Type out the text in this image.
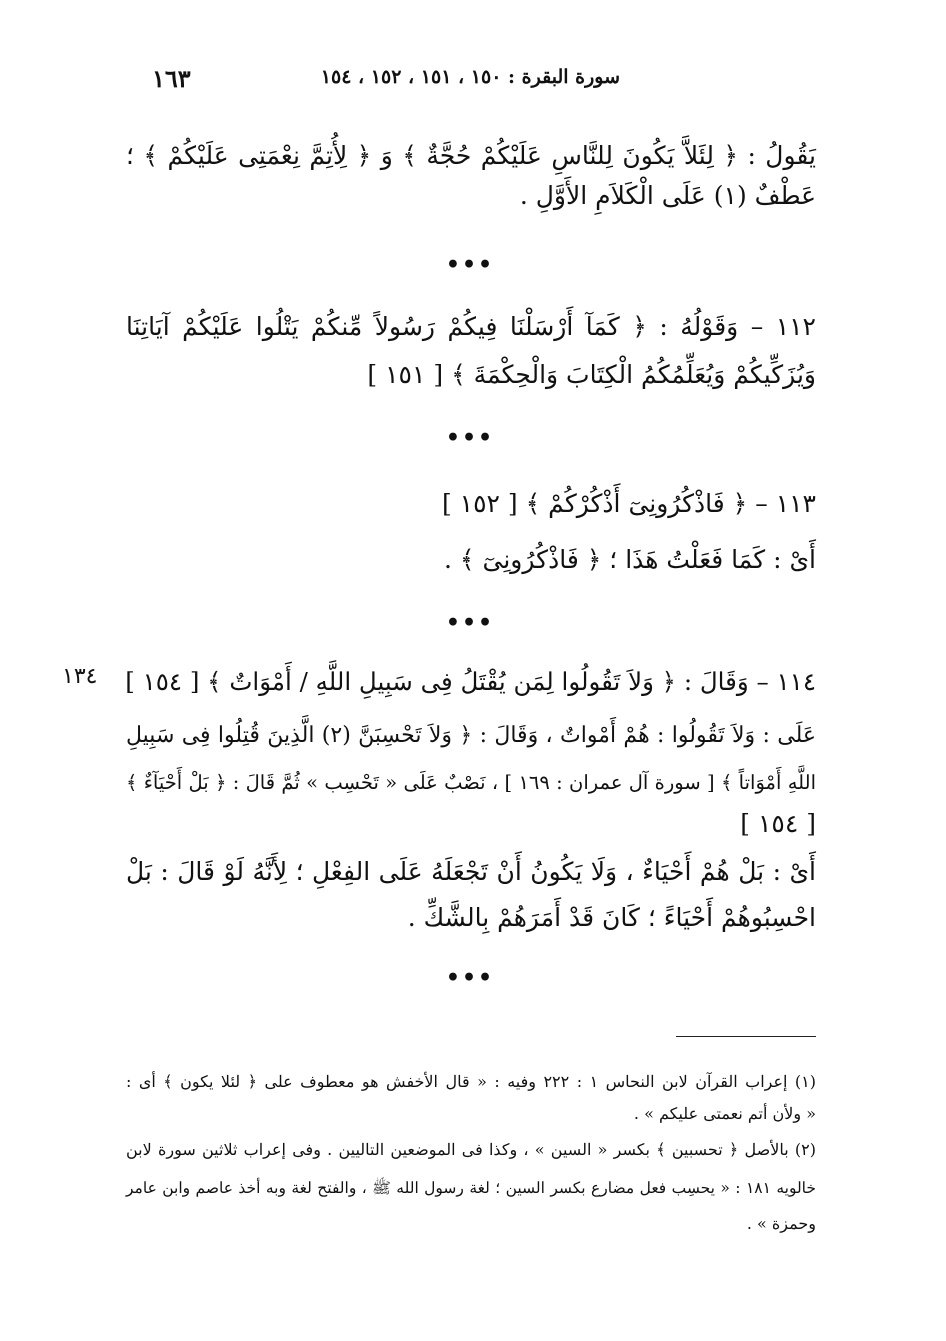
سورة البقرة : ١٥٠ ، ١٥١ ، ١٥٢ ، ١٥٤
١٦٣
يَقُولُ : ﴿ لِئَلاَّ يَكُونَ لِلنَّاسِ عَلَيْكُمْ حُجَّةٌ ﴾ وَ ﴿ لِأُتِمَّ نِعْمَتِى عَلَيْكُمْ ﴾ ؛
عَطْفٌ (١) عَلَى الْكَلاَمِ الأَوَّلِ .
•••
١١٢ – وَقَوْلُهُ : ﴿ كَمَآ أَرْسَلْنَا فِيكُمْ رَسُولاً مِّنكُمْ يَتْلُوا عَلَيْكُمْ آيَاتِنَا
وَيُزَكِّيكُمْ وَيُعَلِّمُكُمُ الْكِتَابَ وَالْحِكْمَةَ ﴾ [ ١٥١ ]
•••
١١٣ – ﴿ فَاذْكُرُونِىٓ أَذْكُرْكُمْ ﴾ [ ١٥٢ ]
أَىْ : كَمَا فَعَلْتُ هَذَا ؛ ﴿ فَاذْكُرُونِىٓ ﴾ .
•••
١١٤ – وَقَالَ : ﴿ وَلاَ تَقُولُوا لِمَن يُقْتَلُ فِى سَبِيلِ اللَّهِ / أَمْوَاتٌ ﴾ [ ١٥٤ ]
١٣٤
عَلَى : وَلاَ تَقُولُوا : هُمْ أَمْواتٌ ، وَقَالَ : ﴿ وَلاَ تَحْسِبَنَّ (٢) الَّذِينَ قُتِلُوا فِى سَبِيلِ
اللَّهِ أَمْوَاتاً ﴾ [ سورة آل عمران : ١٦٩ ] ، نَصْبٌ عَلَى « تَحْسِب » ثُمَّ قَالَ : ﴿ بَلْ أَحْيَآءٌ ﴾
[ ١٥٤ ]
أَىْ : بَلْ هُمْ أَحْيَاءٌ ، وَلَا يَكُونُ أَنْ تَجْعَلَهُ عَلَى الفِعْلِ ؛ لِأَنَّهُ لَوْ قَالَ : بَلْ
احْسِبُوهُمْ أَحْيَاءً ؛ كَانَ قَدْ أَمَرَهُمْ بِالشَّكِّ .
•••
(١) إعراب القرآن لابن النحاس ١ : ٢٢٢ وفيه : « قال الأخفش هو معطوف على ﴿ لئلا يكون ﴾ أى :
« ولأن أتم نعمتى عليكم » .
(٢) بالأصل ﴿ تحسبين ﴾ بكسر « السين » ، وكذا فى الموضعين التاليين . وفى إعراب ثلاثين سورة لابن
خالويه ١٨١ : « يحسِب فعل مضارع بكسر السين ؛ لغة رسول الله ﷺ ، والفتح لغة وبه أخذ عاصم وابن عامر
وحمزة » .
